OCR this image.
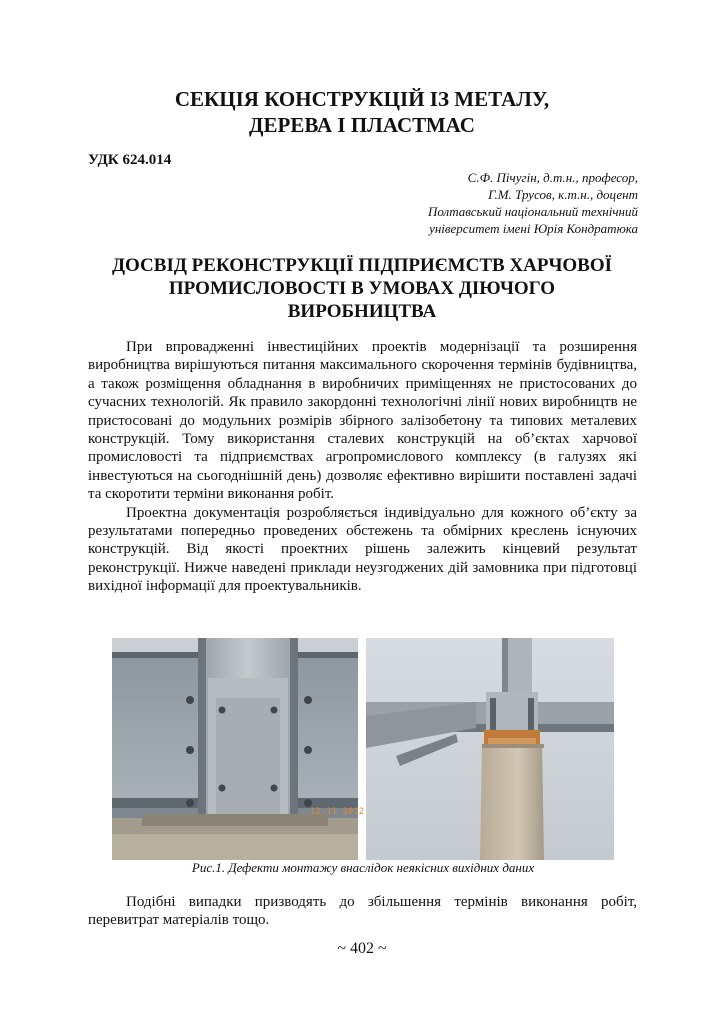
СЕКЦІЯ КОНСТРУКЦІЙ ІЗ МЕТАЛУ,
ДЕРЕВА І ПЛАСТМАС
УДК 624.014
С.Ф. Пічугін, д.т.н., професор,
Г.М. Трусов, к.т.н., доцент
Полтавський національний технічний
університет імені Юрія Кондратюка
ДОСВІД РЕКОНСТРУКЦІЇ ПІДПРИЄМСТВ ХАРЧОВОЇ
ПРОМИСЛОВОСТІ В УМОВАХ ДІЮЧОГО
ВИРОБНИЦТВА

При впровадженні інвестиційних проектів модернізації та розширення виробництва вирішуються питання максимального скорочення термінів будівництва, а також розміщення обладнання в виробничих приміщеннях не пристосованих до сучасних технологій. Як правило закордонні технологічні лінії нових виробництв не пристосовані до модульних розмірів збірного залізобетону та типових металевих конструкцій. Тому використання сталевих конструкцій на об’єктах харчової промисловості та підприємствах агропромислового комплексу (в галузях які інвестуються на сьогоднішній день) дозволяє ефективно вирішити поставлені задачі та скоротити терміни виконання робіт.

Проектна документація розробляється індивідуально для кожного об’єкту за результатами попередньо проведених обстежень та обмірних креслень існуючих конструкцій. Від якості проектних рішень залежить кінцевий результат реконструкції. Нижче наведені приклади неузгоджених дій замовника при підготовці вихідної інформації для проектувальників.

12-11 2012
Рис.1. Дефекти монтажу внаслідок неякісних вихідних даних

Подібні випадки призводять до збільшення термінів виконання робіт, перевитрат матеріалів тощо.

~ 402 ~
